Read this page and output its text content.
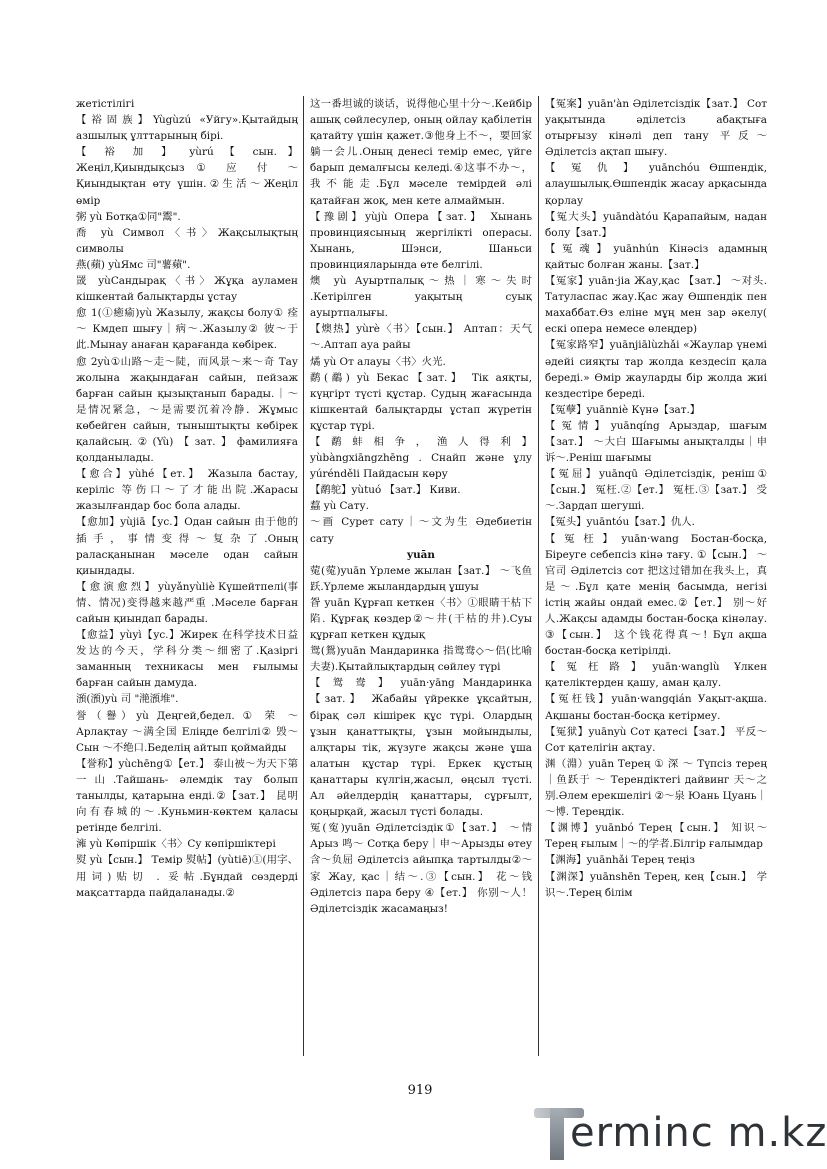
жетістілігі

【裕固族】Yùgùzú «Уйгу».Қытайдың азшылық ұлттарының бірі.

【 裕 加 】 yùrú 【 сын. 】 Жеңіл,Қиындықсыз ① 应 付 ～ Қиындықтан өту үшін.②生活～Жеңіл өмір

粥 yù Ботқа①同"鬻".

喬 yù Символ〈书〉Жақсылықтың символы

燕(蘋) yùЯмс 司"薯蘋".

罭 yùСандырақ〈书〉Жұқа ауламен кішкентай балықтарды ұстау

愈 1(①癒瘉)yù Жазылу, жақсы болу① 痊～ Кмдеп шығу｜病～.Жазылу② 彼～于此.Мынау анаған қарағанда көбірек.

愈 2yù①山路～走～陡，而风景～来～奇 Тау жолына жақындаған сайын, пейзаж барған сайын қызықтанып барады.｜～是情况紧急，～是需要沉着冷静．Жұмыс көбейген сайын, тыныштықты көбірек қалайсың.②(Yù)【зат.】фамилияға қолданылады.

【愈合】yùhé【ет.】 Жазыла бастау, керiліс 等伤口～了才能出院.Жарасы жазылғандар бос бола алады.

【愈加】yùjiā【ус.】Одан сайын 由于他的插手，事情变得～复杂了.Оның раласқанынан мәселе одан сайын қиындады.

【 愈 演 愈 烈 】 yùyǎnyùliè Күшейтпелі(事情、情况)变得越来越严重 .Мәселе барған сайын қиындап барады.

【愈益】yùyì【ус.】Жирек 在科学技术日益发达的今天，学科分类～细密了.Қазіргі заманның техникасы мен ғылымы барған сайын дамуда.

澦(澦)yù 司 "滟澦堆".

誉（譽）yù Деңгей,бедел. ① 荣 ～ Арлақтау ～满全国 Еліңде белгілі② 毁～ Сын ～不绝口.Беделің айтып қоймайды

【誉称】yùchēng①【ет.】 泰山被～为天下第一山.Тайшань- әлемдік тау болып танылды, қатарына енді.②【зат.】 昆明向有春城的～.Куньмин-көктем қаласы ретінде белгілі.

澭 yù Көпіршік〈书〉Су көпіршіктері

熨 yù【сын.】 Темір 熨帖】(yùtiē)①(用字、用词)贴切 . 妥帖.Бұндай сөздерді мақсаттарда пайдаланады.②

这一番坦诚的谈话，说得他心里十分～.Кейбір ашық сөйлесулер, оның ойлау қабілетін қатайту үшін қажет.③他身上不～，要回家躺一会儿.Оның денесі темір емес, үйге барып демалғысы келеді.④这事不办～，我不能走.Бұл мәселе темірдей әлі қатайған жоқ, мен кете алмаймын.

【豫剧】yùjù Опера【зат.】 Хынань провинциясының жергілікті операсы. Хынань, Шэнси, Шаньси провинцияларында өте белгілі.

燠 yù Ауыртпалық～热｜寒～失时 .Кетірілген уақытың суық ауыртпалығы.

【燠热】yùrè〈书〉【сын.】 Аптап：天气～.Аптап ауа райы

燏 yù От алауы〈书〉火光.

鹬(鷸) yù Бекас【зат.】 Тік аяқты, күңгірт түсті құстар. Судың жағасында кішкентай балықтарды ұстап жүретін құстар түрі.

【 鹬 蚌 相 争 ， 渔 人 得 利 】 yùbàngxiāngzhēng . Снайп және ұлу yúrénděli Пайдасын көру

【鹬鸵】yùtuó 【зат.】 Киви.

蠚 yù Сату.

～画 Сурет сату｜～文为生 Әдебиетін сату

yuān

蒬(蒬)yuān Үрлеме жылан【зат.】 ～飞鱼跃.Үрлеме жыландардың ұшуы

眢 yuān Құрғап кеткен〈书〉①眼睛干枯下陷. Құрғақ көздер②～井(干枯的井).Суы құрғап кеткен құдық

鸳(鴛)yuān Мандаринка 指鸳鸯◇～侣(比喻夫妻).Қытайлықтардың сөйлеу түрі

【 鸳 鸯 】 yuān·yāng Мандаринка 【зат.】 Жабайы үйрекке ұқсайтын, бірақ сәл кішірек құс түрі. Олардың ұзын қанаттықты, ұзын мойындылы, алқтары тік, жүзуге жақсы және ұша алатын құстар түрі. Еркек құстың қанаттары күлгін,жасыл, өңсыл түсті. Ал әйелдердің қанаттары, сұрғылт, қоңырқай, жасыл түсті болады.

冤(寃)yuān Әділетсіздік①【зат.】 ～情 Арыз 鸣～ Сотқа беру｜申～Арызды өтеу 含～负屈 Әділетсіз айыпқа тартылды②～家 Жау, қас｜结～.③【сын.】 花～钱 Әділетсіз пара беру ④【ет.】 你别～人！Әділетсіздік жасамаңыз!

【冤案】yuān'àn Әділетсіздік【зат.】 Сот уақытында әділетсіз абақтыға отырғызу кінәлі деп тану 平反～Әділетсіз ақтап шығу.

【 冤 仇 】 yuānchóu Өшпендік, алаушылық.Өшпендік жасау арқасында қорлау

【冤大头】yuāndàtóu Қарапайым, надан болу【зат.】

【冤魂】yuānhún Кінәсіз адамның қайтыс болған жаны.【зат.】

【冤家】yuān·jia Жау,қас 【зат.】 ～对头. Татуласпас жау.Қас жау Өшпендік пен махаббат.Өз еліне мұң мен зар әкелу( ескі опера немесе өлеңдер)

【冤家路窄】yuānjiālùzhǎi «Жаулар үнемі әдейі сияқты тар жолда кездесіп қала береді.» Өмір жауларды бір жолда жиі кездестіре береді.

【冤孽】yuānniè Күнә【зат.】

【冤情】yuānqíng Арыздар, шағым 【зат.】 ～大白 Шағымы анықталды｜申诉～.Реніш шағымы

【冤屈】yuānqū Әділетсіздік, реніш①【сын.】 冤枉.②【ет.】 冤枉.③【зат.】 受～.Зардап шегуші.

【冤头】yuāntóu【зат.】仇人.

【冤枉】yuān·wang Бостан-босқа, Біреуге себепсіз кінә тағу. ①【сын.】 ～官司 Әділетсіз сот 把这过错加在我头上，真是～.Бұл қате менің басымда, негізі істің жайы ондай емес.②【ет.】 别～好人.Жақсы адамды бостан-босқа кінәлау. ③【сын.】 这个钱花得真～! Бұл ақша бостан-босқа кетірілді.

【冤枉路】yuān·wanglù Ұлкен қателіктерден қашу, аман қалу.

【冤枉钱】yuān·wangqián Уақыт-ақша. Ақшаны бостан-босқа кетірмеу.

【冤狱】yuānyù Сот қатесі【зат.】 平反～Сот қателігін ақтау.

渊（淵）yuān Терең ① 深 ～ Түпсіз терең｜鱼跃于 ～ Терендіктегі дайвинг 天～之别.Әлем ерекшелігі ②～泉 Юань Цуань｜～博. Тереңдік.

【渊博】yuānbó Терең【сын.】 知识～ Терең ғылым｜～的学者.Білгір ғалымдар

【渊海】yuānhǎi Терең теңіз

【渊深】yuānshēn Терең, кең【сын.】 学识～.Терең білім

919
erminc m.kz
